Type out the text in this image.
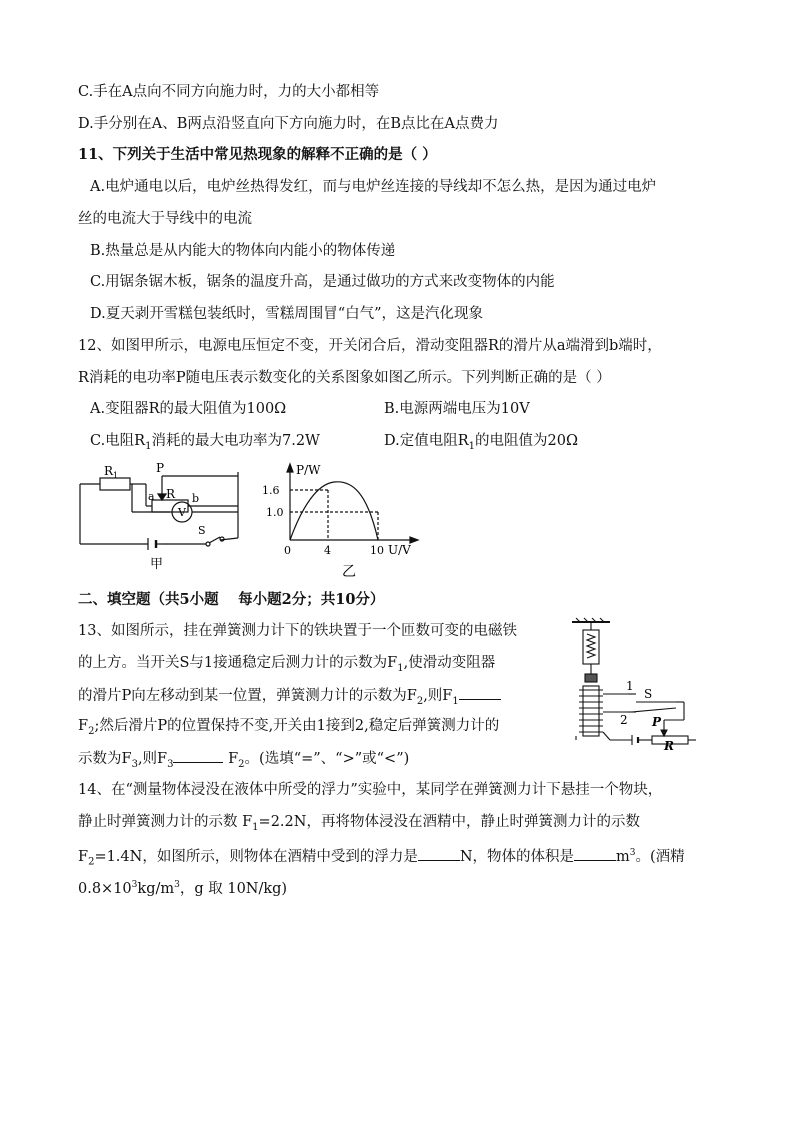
C.手在A点向不同方向施力时，力的大小都相等
D.手分别在A、B两点沿竖直向下方向施力时，在B点比在A点费力
11、下列关于生活中常见热现象的解释不正确的是（ ）
A.电炉通电以后，电炉丝热得发红，而与电炉丝连接的导线却不怎么热，是因为通过电炉
丝的电流大于导线中的电流
B.热量总是从内能大的物体向内能小的物体传递
C.用锯条锯木板，锯条的温度升高，是通过做功的方式来改变物体的内能
D.夏天剥开雪糕包装纸时，雪糕周围冒“白气”，这是汽化现象
12、如图甲所示，电源电压恒定不变，开关闭合后，滑动变阻器R的滑片从a端滑到b端时，
R消耗的电功率P随电压表示数变化的关系图象如图乙所示。下列判断正确的是（ ）
A.变阻器R的最大阻值为100Ω	B.电源两端电压为10V
C.电阻$R_1$消耗的最大电功率为7.2W	D.定值电阻$R_1$的电阻值为20Ω
$R_1$
P
a R b
V
S
甲
P/W
1.6
1.0
0	4	10 U/V
乙
二、填空题（共5小题　 每小题2分；共10分）
13、如图所示，挂在弹簧测力计下的铁块置于一个匝数可变的电磁铁
的上方。当开关S与1接通稳定后测力计的示数为$F_1$,使滑动变阻器
的滑片P向左移动到某一位置，弹簧测力计的示数为$F_2$,则$F_1$
$F_2$;然后滑片P的位置保持不变,开关由1接到2,稳定后弹簧测力计的
示数为$F_3$,则$F_3$	$F_2$。(选填“=”、“>”或“<”)
1
S
2 P
R
14、在“测量物体浸没在液体中所受的浮力”实验中，某同学在弹簧测力计下悬挂一个物块，
静止时弹簧测力计的示数 $F_1=2.2N$，再将物体浸没在酒精中，静止时弹簧测力计的示数
$F_2=1.4N$，如图所示，则物体在酒精中受到的浮力是	N，物体的体积是	$m^3$。(酒精
$0.8\times 10^3kg/m^3$，g 取 10N/kg)
